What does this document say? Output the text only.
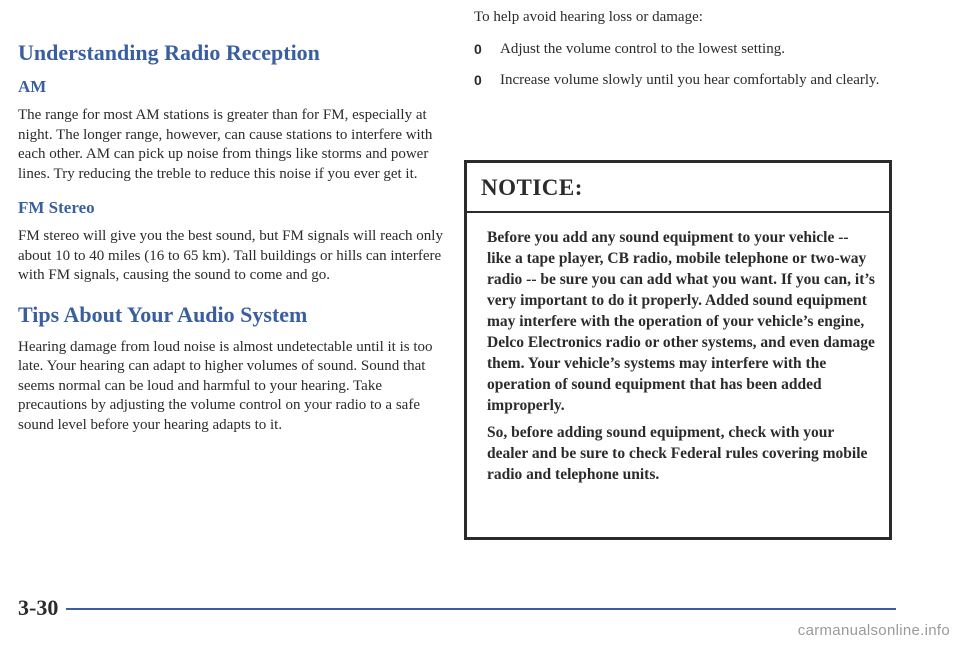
Understanding Radio Reception
AM

The range for most AM stations is greater than for FM, especially at night. The longer range, however, can cause stations to interfere with each other. AM can pick up noise from things like storms and power lines. Try reducing the treble to reduce this noise if you ever get it.

FM Stereo

FM stereo will give you the best sound, but FM signals will reach only about 10 to 40 miles (16 to 65 km). Tall buildings or hills can interfere with FM signals, causing the sound to come and go.

Tips About Your Audio System

Hearing damage from loud noise is almost undetectable until it is too late. Your hearing can adapt to higher volumes of sound. Sound that seems normal can be loud and harmful to your hearing. Take precautions by adjusting the volume control on your radio to a safe sound level before your hearing adapts to it.

To help avoid hearing loss or damage:

0	Adjust the volume control to the lowest setting.
0	Increase volume slowly until you hear comfortably and clearly.
NOTICE:

Before you add any sound equipment to your vehicle -- like a tape player, CB radio, mobile telephone or two-way radio -- be sure you can add what you want. If you can, it’s very important to do it properly. Added sound equipment may interfere with the operation of your vehicle’s engine, Delco Electronics radio or other systems, and even damage them. Your vehicle’s systems may interfere with the operation of sound equipment that has been added improperly.

So, before adding sound equipment, check with your dealer and be sure to check Federal rules covering mobile radio and telephone units.

3-30
carmanualsonline.info
